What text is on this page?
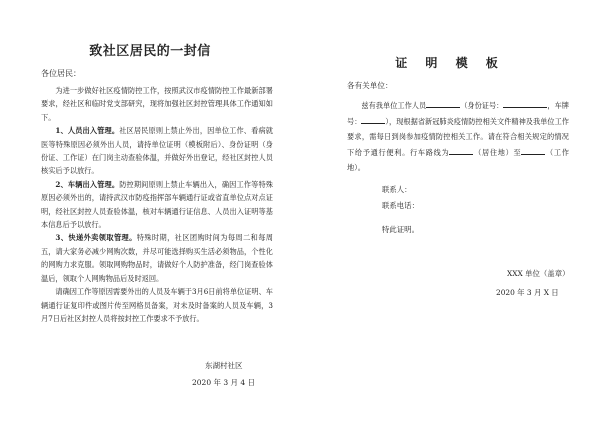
致社区居民的一封信
各位居民：

为进一步做好社区疫情防控工作，按照武汉市疫情防控工作最新部署要求，经社区和临时党支部研究，现将加强社区封控管理具体工作通知如下。

1、人员出入管理。社区居民原则上禁止外出，因单位工作、看病就医等特殊原因必须外出人员，请持单位证明（模板附后）、身份证明（身份证、工作证）在门岗主动查验体温，并做好外出登记，经社区封控人员核实后予以放行。

2、车辆出入管理。防控期间原则上禁止车辆出入，确因工作等特殊原因必须外出的，请持武汉市防疫指挥部车辆通行证或省直单位点对点证明，经社区封控人员查验体温，核对车辆通行证信息、人员出入证明等基本信息后予以放行。

3、快递外卖领取管理。特殊时期，社区团购时间为每周二和每周五，请大家务必减少网购次数，并尽可能选择购买生活必须物品，个性化的网购力求克服。领取网购物品时，请做好个人防护准备，经门岗查验体温后，领取个人网购物品后及时返回。

请确因工作等原因需要外出的人员及车辆于3月6日前将单位证明、车辆通行证复印件或图片传至网格员备案，对未及时备案的人员及车辆，3月7日后社区封控人员将按封控工作要求不予放行。

东湖村社区
2020 年 3 月 4 日
证 明 模 板
各有关单位：

兹有我单位工作人员	（身份证号：	，车牌号：	），现根据省新冠肺炎疫情防控相关文件精神及我单位工作要求，需每日到岗参加疫情防控相关工作。请在符合相关规定的情况下给予通行便利。行车路线为	（居住地）至	（工作地）。

联系人：
联系电话：
特此证明。
XXX 单位（盖章）
2020 年 3 月 X 日
